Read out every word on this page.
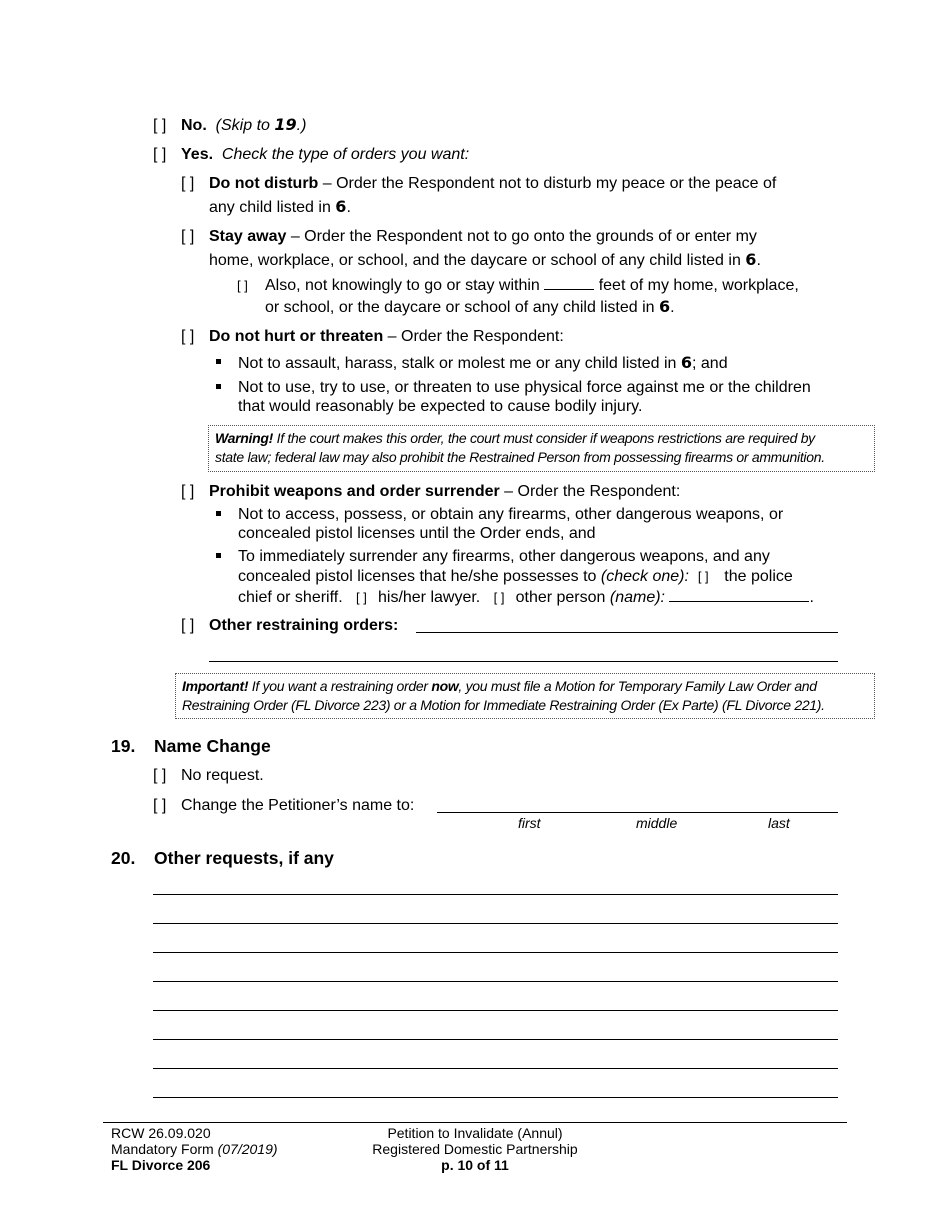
[ ] No. (Skip to 19.)
[ ] Yes. Check the type of orders you want:
[ ] Do not disturb – Order the Respondent not to disturb my peace or the peace of
any child listed in 6.
[ ] Stay away – Order the Respondent not to go onto the grounds of or enter my
home, workplace, or school, and the daycare or school of any child listed in 6.
[ ] Also, not knowingly to go or stay within	feet of my home, workplace,
or school, or the daycare or school of any child listed in 6.
[ ] Do not hurt or threaten – Order the Respondent:
Not to assault, harass, stalk or molest me or any child listed in 6; and
Not to use, try to use, or threaten to use physical force against me or the children
that would reasonably be expected to cause bodily injury.
Warning! If the court makes this order, the court must consider if weapons restrictions are required by
state law; federal law may also prohibit the Restrained Person from possessing firearms or ammunition.
[ ] Prohibit weapons and order surrender – Order the Respondent:
Not to access, possess, or obtain any firearms, other dangerous weapons, or
concealed pistol licenses until the Order ends, and
To immediately surrender any firearms, other dangerous weapons, and any
concealed pistol licenses that he/she possesses to (check one): [ ] the police
chief or sheriff. [ ] his/her lawyer. [ ] other person (name):	.
[ ] Other restraining orders:
Important! If you want a restraining order now, you must file a Motion for Temporary Family Law Order and
Restraining Order (FL Divorce 223) or a Motion for Immediate Restraining Order (Ex Parte) (FL Divorce 221).
19. Name Change
[ ] No request.
[ ] Change the Petitioner’s name to:
first	middle	last
20. Other requests, if any
RCW 26.09.020
Mandatory Form (07/2019)
FL Divorce 206
Petition to Invalidate (Annul)
Registered Domestic Partnership
p. 10 of 11
